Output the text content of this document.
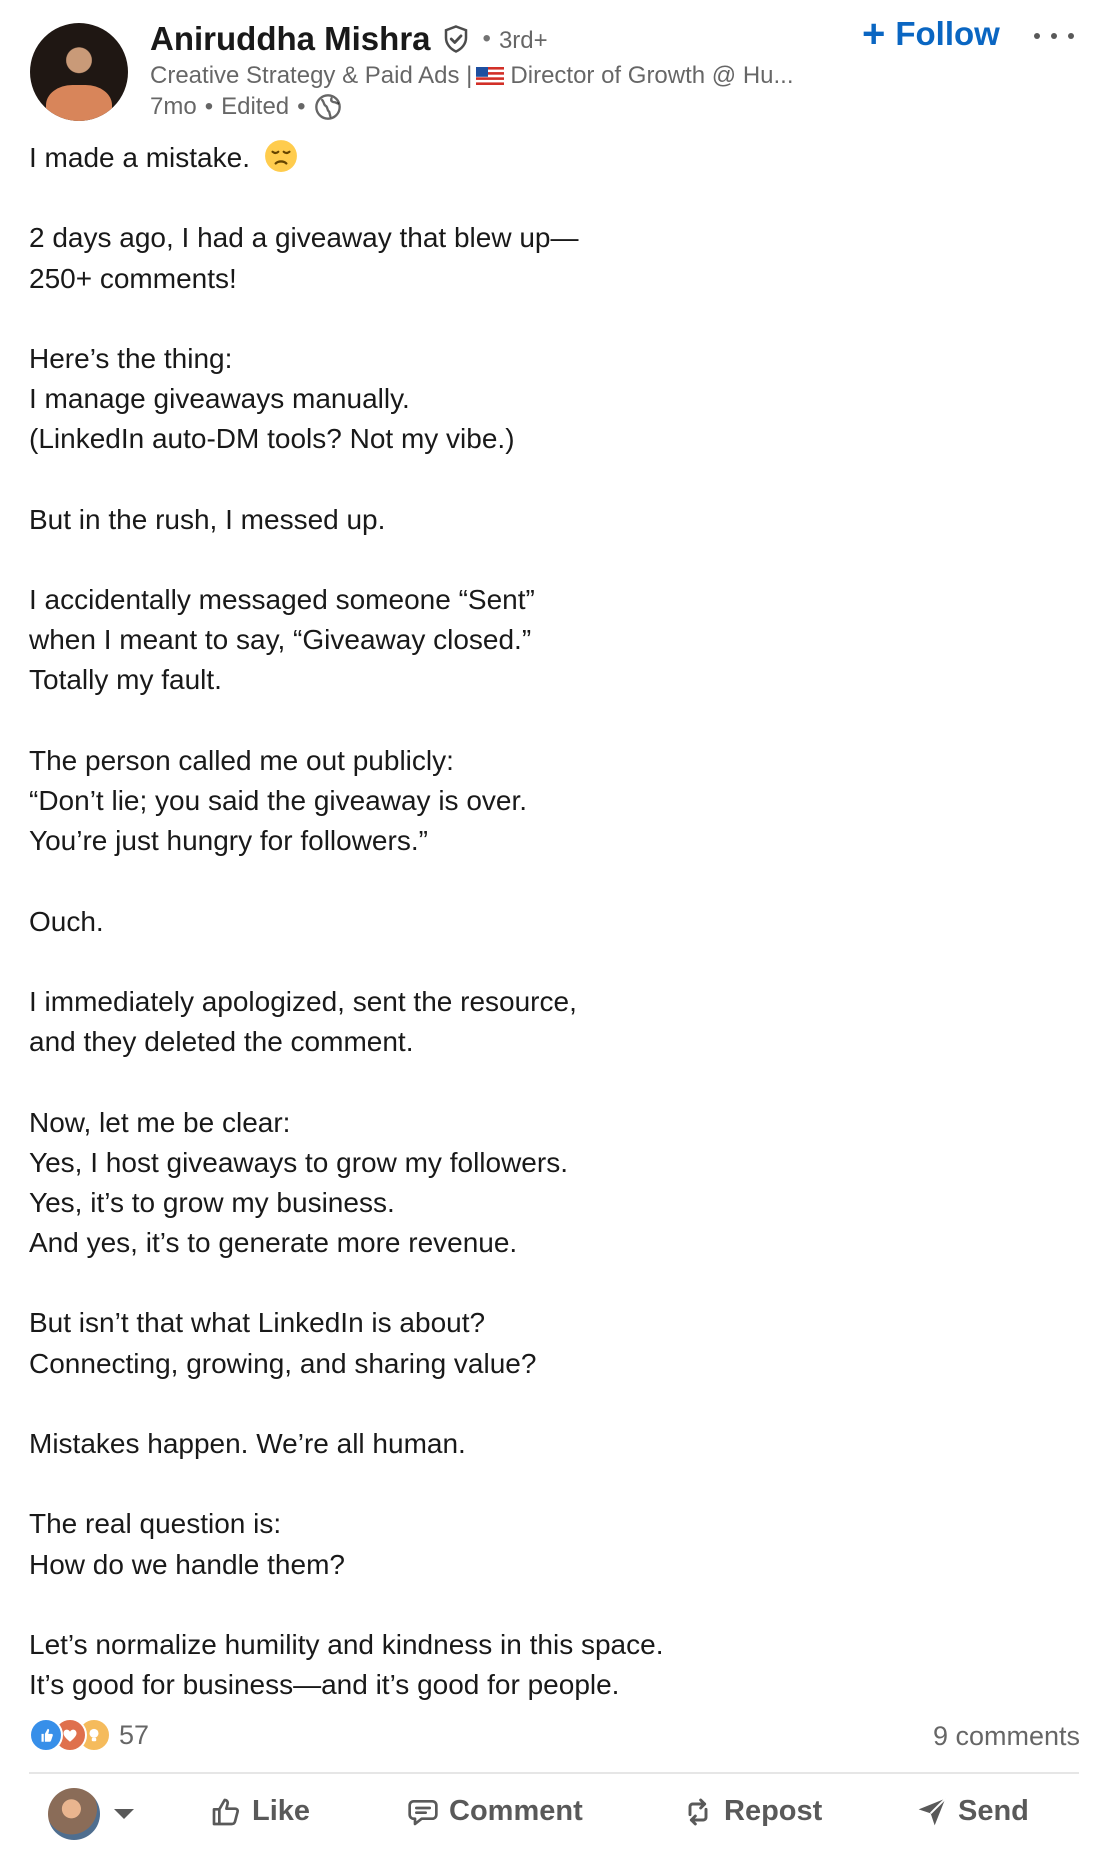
Aniruddha Mishra • 3rd+
Creative Strategy & Paid Ads | Director of Growth @ Hu...
7mo • Edited •
+ Follow
I made a mistake.
2 days ago, I had a giveaway that blew up—
250+ comments!
Here’s the thing:
I manage giveaways manually.
(LinkedIn auto-DM tools? Not my vibe.)
But in the rush, I messed up.
I accidentally messaged someone “Sent”
when I meant to say, “Giveaway closed.”
Totally my fault.
The person called me out publicly:
“Don’t lie; you said the giveaway is over.
You’re just hungry for followers.”
Ouch.
I immediately apologized, sent the resource,
and they deleted the comment.
Now, let me be clear:
Yes, I host giveaways to grow my followers.
Yes, it’s to grow my business.
And yes, it’s to generate more revenue.
But isn’t that what LinkedIn is about?
Connecting, growing, and sharing value?
Mistakes happen. We’re all human.
The real question is:
How do we handle them?
Let’s normalize humility and kindness in this space.
It’s good for business—and it’s good for people.
57	9 comments
Like	Comment	Repost	Send
